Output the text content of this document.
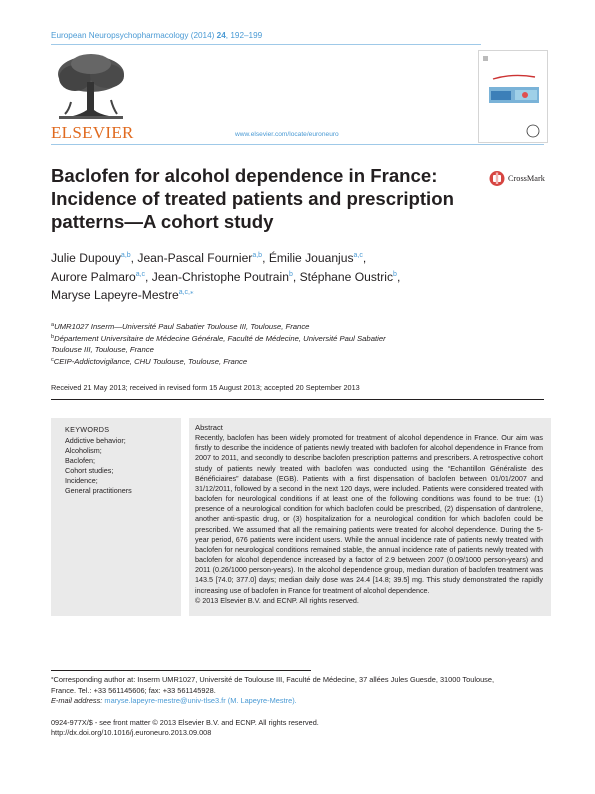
European Neuropsychopharmacology (2014) 24, 192–199
ELSEVIER	www.elsevier.com/locate/euroneuro
Baclofen for alcohol dependence in France:
Incidence of treated patients and prescription
patterns—A cohort study
CrossMark
Julie Dupouy$^{a,b}$, Jean-Pascal Fournier$^{a,b}$, Émilie Jouanjus$^{a,c}$,
Aurore Palmaro$^{a,c}$, Jean-Christophe Poutrain$^b$, Stéphane Oustric$^b$,
Maryse Lapeyre-Mestre$^{a,c,⁎}$
$^a$UMR1027 Inserm—Université Paul Sabatier Toulouse III, Toulouse, France
$^b$Département Universitaire de Médecine Générale, Faculté de Médecine, Université Paul Sabatier
Toulouse III, Toulouse, France
$^c$CEIP-Addictovigilance, CHU Toulouse, Toulouse, France
Received 21 May 2013; received in revised form 15 August 2013; accepted 20 September 2013
KEYWORDS
Addictive behavior;
Alcoholism;
Baclofen;
Cohort studies;
Incidence;
General practitioners
Abstract
Recently, baclofen has been widely promoted for treatment of alcohol dependence in France. Our aim was firstly to describe the incidence of patients newly treated with baclofen for alcohol dependence in France from 2007 to 2011, and secondly to describe baclofen prescription patterns and prescribers. A retrospective cohort study of patients newly treated with baclofen was conducted using the “Echantillon Généraliste des Bénéficiaires” database (EGB). Patients with a first dispensation of baclofen between 01/01/2007 and 31/12/2011, followed by a second in the next 120 days, were included. Patients were considered treated with baclofen for neurological conditions if at least one of the following conditions was found to be true: (1) presence of a neurological condition for which baclofen could be prescribed, (2) dispensation of dantrolene, another anti-spastic drug, or (3) hospitalization for a neurological condition for which baclofen could be prescribed. We assumed that all the remaining patients were treated for alcohol dependence. During the 5-year period, 676 patients were incident users. While the annual incidence rate of patients newly treated with baclofen for neurological conditions remained stable, the annual incidence rate of patients newly treated with baclofen for alcohol dependence increased by a factor of 2.9 between 2007 (0.09/1000 person-years) and 2011 (0.26/1000 person-years). In the alcohol dependence group, median duration of baclofen treatment was 143.5 [74.0; 377.0] days; median daily dose was 24.4 [14.8; 39.5] mg. This study demonstrated the rapidly increasing use of baclofen in France for treatment of alcohol dependence.
© 2013 Elsevier B.V. and ECNP. All rights reserved.
⁎Corresponding author at: Inserm UMR1027, Université de Toulouse III, Faculté de Médecine, 37 allées Jules Guesde, 31000 Toulouse,
France. Tel.: +33 561145606; fax: +33 561145928.
E-mail address: maryse.lapeyre-mestre@univ-tlse3.fr (M. Lapeyre-Mestre).
0924-977X/$ - see front matter © 2013 Elsevier B.V. and ECNP. All rights reserved.
http://dx.doi.org/10.1016/j.euroneuro.2013.09.008
